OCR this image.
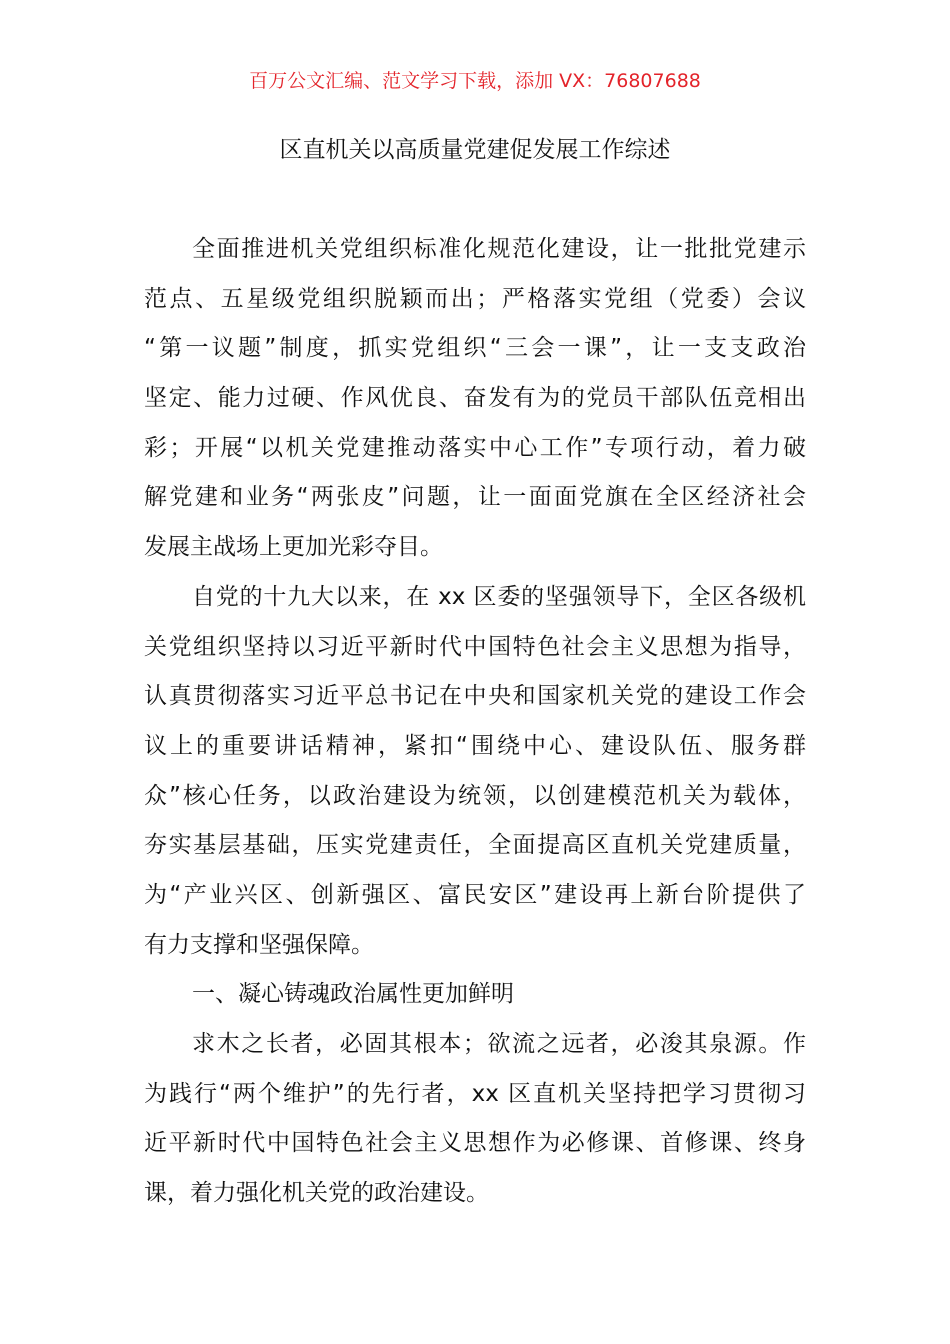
百万公文汇编、范文学习下载，添加 VX：76807688
区直机关以高质量党建促发展工作综述
全面推进机关党组织标准化规范化建设，让一批批党建示
范点、五星级党组织脱颖而出；严格落实党组（党委）会议
“第一议题”制度，抓实党组织“三会一课”，让一支支政治
坚定、能力过硬、作风优良、奋发有为的党员干部队伍竞相出
彩；开展“以机关党建推动落实中心工作”专项行动，着力破
解党建和业务“两张皮”问题，让一面面党旗在全区经济社会
发展主战场上更加光彩夺目。
自党的十九大以来，在 xx 区委的坚强领导下，全区各级机
关党组织坚持以习近平新时代中国特色社会主义思想为指导，
认真贯彻落实习近平总书记在中央和国家机关党的建设工作会
议上的重要讲话精神，紧扣“围绕中心、建设队伍、服务群
众”核心任务，以政治建设为统领，以创建模范机关为载体，
夯实基层基础，压实党建责任，全面提高区直机关党建质量，
为“产业兴区、创新强区、富民安区”建设再上新台阶提供了
有力支撑和坚强保障。
一、凝心铸魂政治属性更加鲜明
求木之长者，必固其根本；欲流之远者，必浚其泉源。作
为践行“两个维护”的先行者，xx 区直机关坚持把学习贯彻习
近平新时代中国特色社会主义思想作为必修课、首修课、终身
课，着力强化机关党的政治建设。
